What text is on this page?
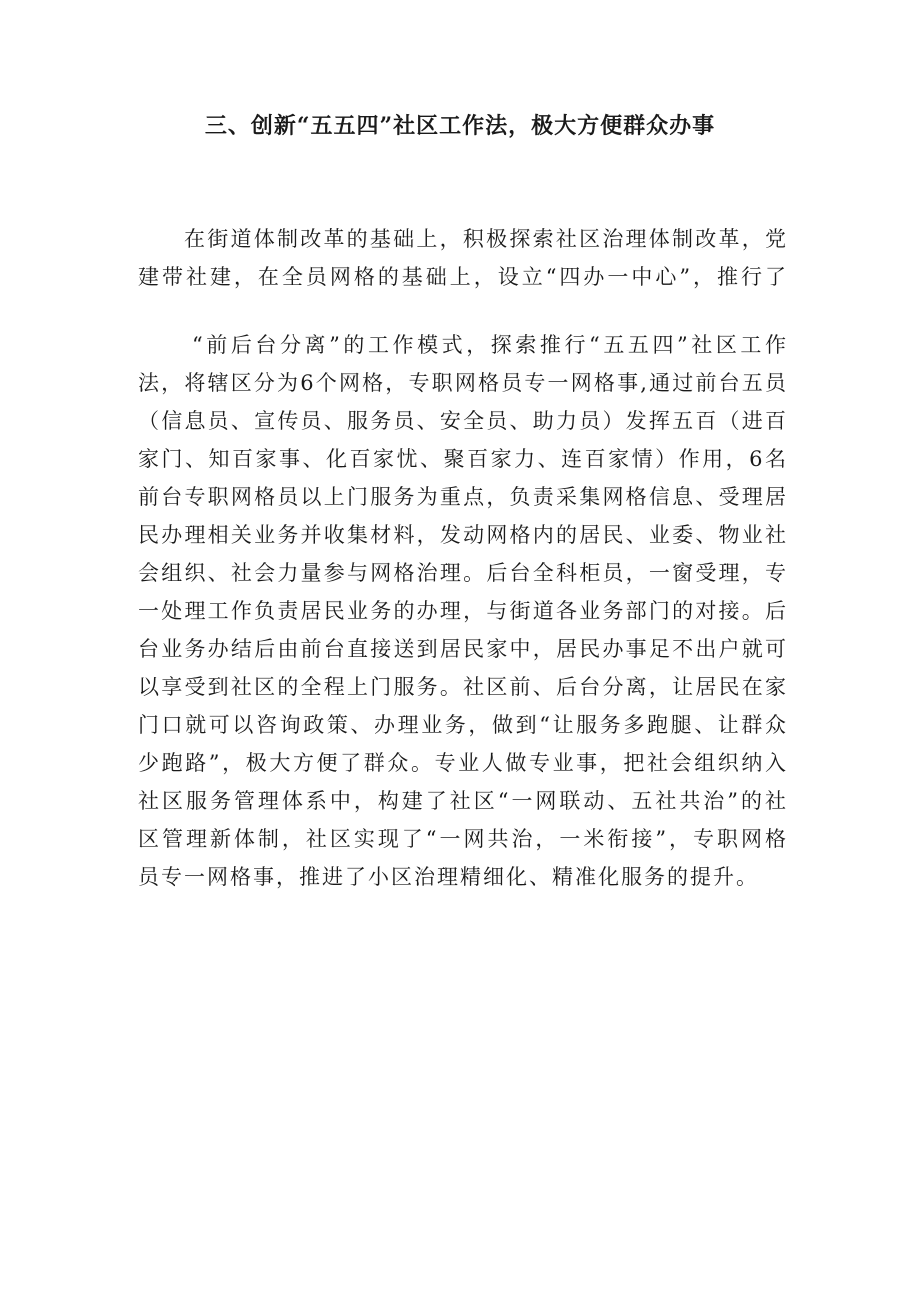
三、创新“五五四”社区工作法，极大方便群众办事
在街道体制改革的基础上，积极探索社区治理体制改革，党
建带社建，在全员网格的基础上，设立“四办一中心”，推行了
“前后台分离”的工作模式，探索推行“五五四”社区工作
法，将辖区分为6个网格，专职网格员专一网格事,通过前台五员
（信息员、宣传员、服务员、安全员、助力员）发挥五百（进百
家门、知百家事、化百家忧、聚百家力、连百家情）作用，6名
前台专职网格员以上门服务为重点，负责采集网格信息、受理居
民办理相关业务并收集材料，发动网格内的居民、业委、物业社
会组织、社会力量参与网格治理。后台全科柜员，一窗受理，专
一处理工作负责居民业务的办理，与街道各业务部门的对接。后
台业务办结后由前台直接送到居民家中，居民办事足不出户就可
以享受到社区的全程上门服务。社区前、后台分离，让居民在家
门口就可以咨询政策、办理业务，做到“让服务多跑腿、让群众
少跑路”，极大方便了群众。专业人做专业事，把社会组织纳入
社区服务管理体系中，构建了社区“一网联动、五社共治”的社
区管理新体制，社区实现了“一网共治，一米衔接”，专职网格
员专一网格事，推进了小区治理精细化、精准化服务的提升。
